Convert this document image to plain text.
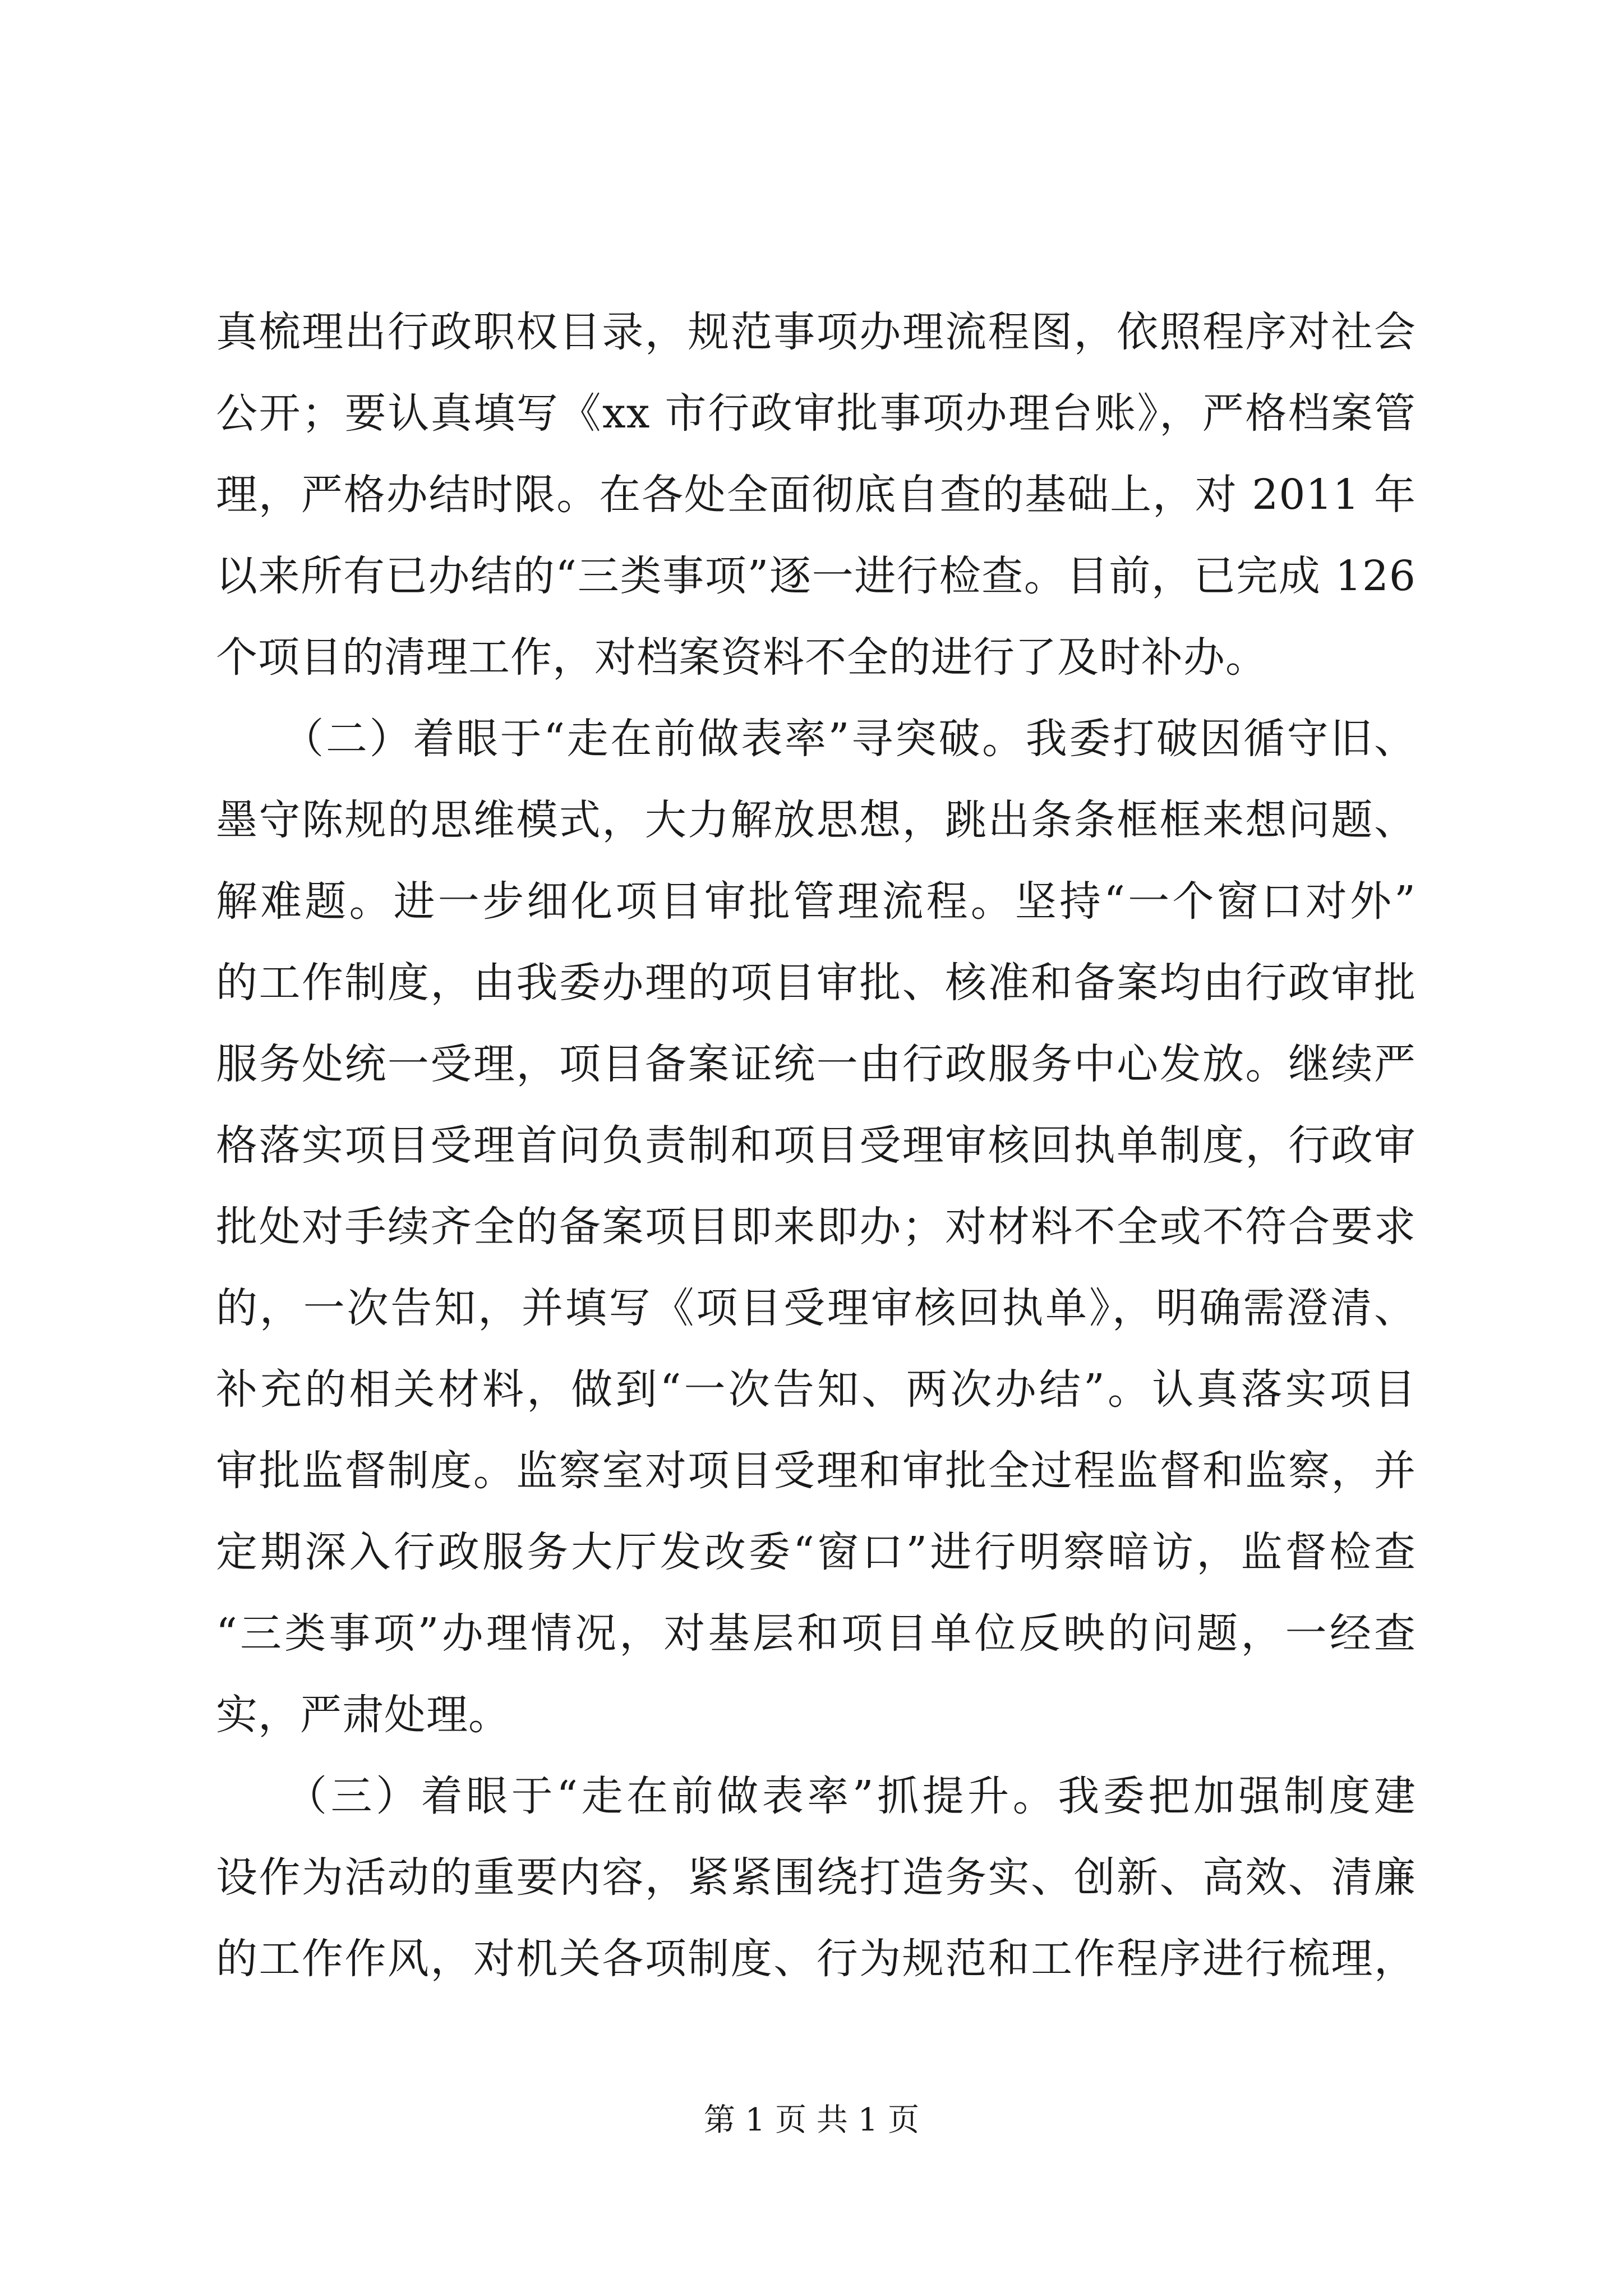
真梳理出行政职权目录，规范事项办理流程图，依照程序对社会
公开；要认真填写《xx 市行政审批事项办理台账》，严格档案管
理，严格办结时限。在各处全面彻底自查的基础上，对 2011 年
以来所有已办结的“三类事项”逐一进行检查。目前，已完成 126
个项目的清理工作，对档案资料不全的进行了及时补办。
　　（二）着眼于“走在前做表率”寻突破。我委打破因循守旧、
墨守陈规的思维模式，大力解放思想，跳出条条框框来想问题、
解难题。进一步细化项目审批管理流程。坚持“一个窗口对外”
的工作制度，由我委办理的项目审批、核准和备案均由行政审批
服务处统一受理，项目备案证统一由行政服务中心发放。继续严
格落实项目受理首问负责制和项目受理审核回执单制度，行政审
批处对手续齐全的备案项目即来即办；对材料不全或不符合要求
的，一次告知，并填写《项目受理审核回执单》，明确需澄清、
补充的相关材料，做到“一次告知、两次办结”。认真落实项目
审批监督制度。监察室对项目受理和审批全过程监督和监察，并
定期深入行政服务大厅发改委“窗口”进行明察暗访，监督检查
“三类事项”办理情况，对基层和项目单位反映的问题，一经查
实，严肃处理。
　　（三）着眼于“走在前做表率”抓提升。我委把加强制度建
设作为活动的重要内容，紧紧围绕打造务实、创新、高效、清廉
的工作作风，对机关各项制度、行为规范和工作程序进行梳理，
第 1 页 共 1 页
